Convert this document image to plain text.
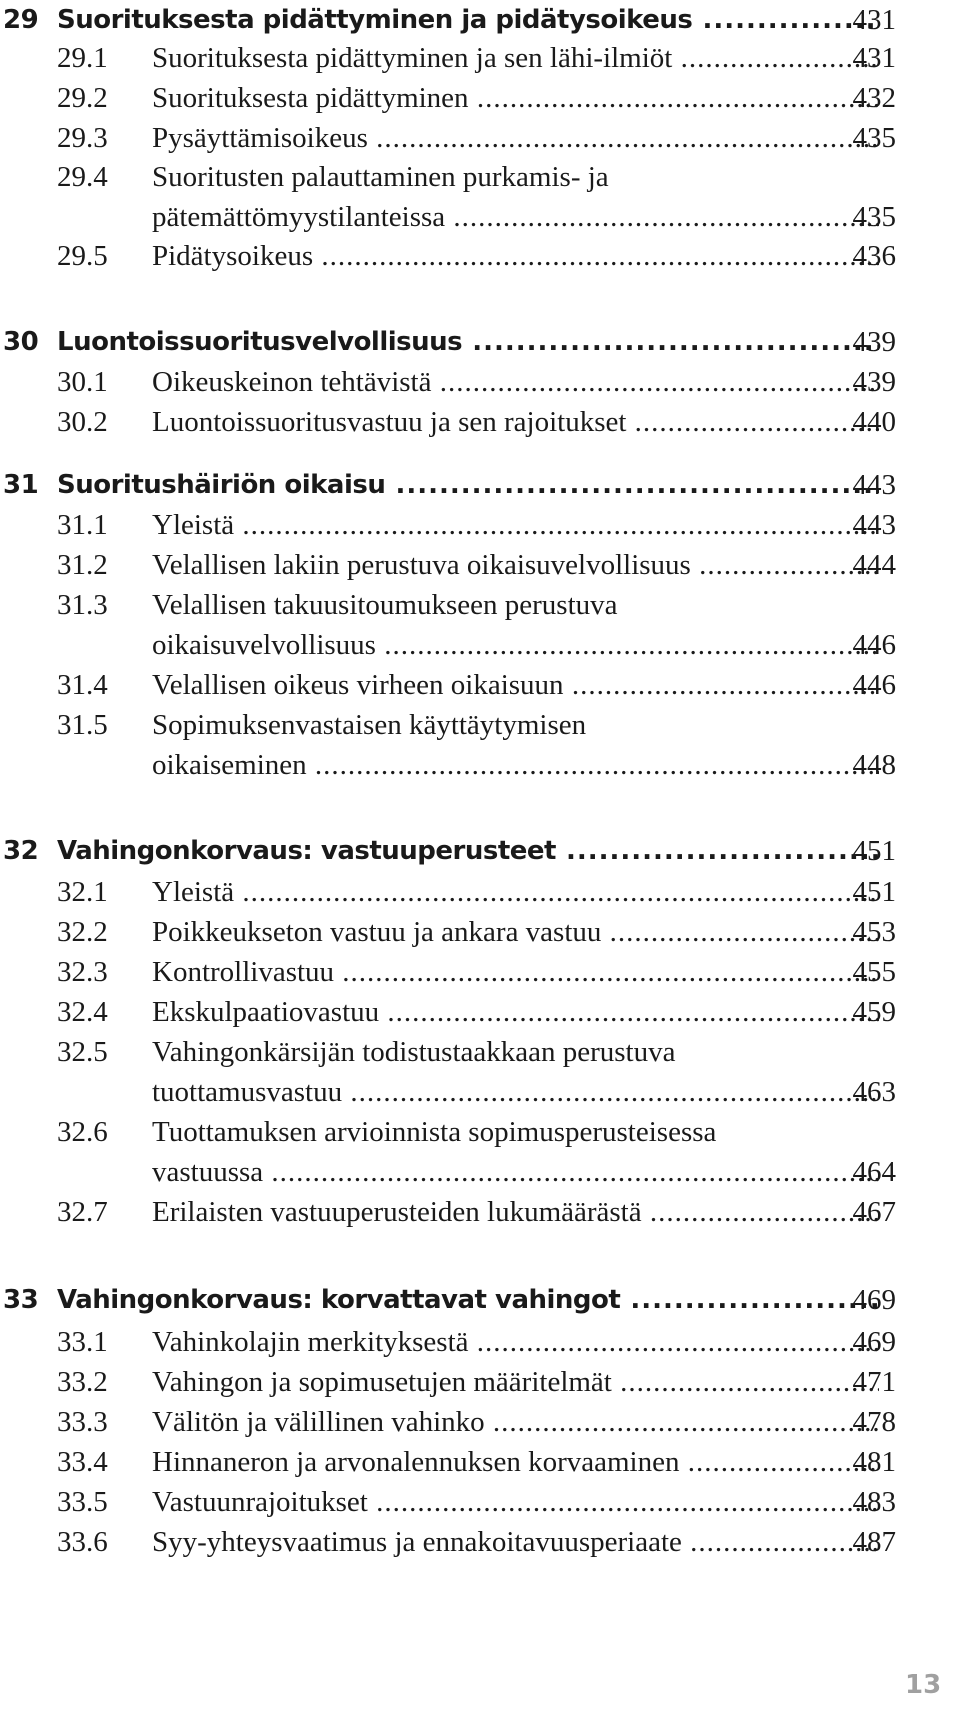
29 Suorituksesta pidättyminen ja pidätysoikeus .....	431
29.1 Suorituksesta pidättyminen ja sen lähi-ilmiöt .....	431
29.2 Suorituksesta pidättyminen .....	432
29.3 Pysäyttämisoikeus .....	435
29.4 Suoritusten palauttaminen purkamis- ja
pätemättömyystilanteissa .....	435
29.5 Pidätysoikeus .....	436
30 Luontoissuoritusvelvollisuus .....	439
30.1 Oikeuskeinon tehtävistä .....	439
30.2 Luontoissuoritusvastuu ja sen rajoitukset .....	440
31 Suoritushäiriön oikaisu .....	443
31.1 Yleistä .....	443
31.2 Velallisen lakiin perustuva oikaisuvelvollisuus .....	444
31.3 Velallisen takuusitoumukseen perustuva
oikaisuvelvollisuus .....	446
31.4 Velallisen oikeus virheen oikaisuun .....	446
31.5 Sopimuksenvastaisen käyttäytymisen
oikaiseminen .....	448
32 Vahingonkorvaus: vastuuperusteet .....	451
32.1 Yleistä .....	451
32.2 Poikkeukseton vastuu ja ankara vastuu .....	453
32.3 Kontrollivastuu .....	455
32.4 Ekskulpaatiovastuu .....	459
32.5 Vahingonkärsijän todistustaakkaan perustuva
tuottamusvastuu .....	463
32.6 Tuottamuksen arvioinnista sopimusperusteisessa
vastuussa .....	464
32.7 Erilaisten vastuuperusteiden lukumäärästä .....	467
33 Vahingonkorvaus: korvattavat vahingot .....	469
33.1 Vahinkolajin merkityksestä .....	469
33.2 Vahingon ja sopimusetujen määritelmät .....	471
33.3 Välitön ja välillinen vahinko .....	478
33.4 Hinnaneron ja arvonalennuksen korvaaminen .....	481
33.5 Vastuunrajoitukset .....	483
33.6 Syy-yhteysvaatimus ja ennakoitavuusperiaate .....	487
13
